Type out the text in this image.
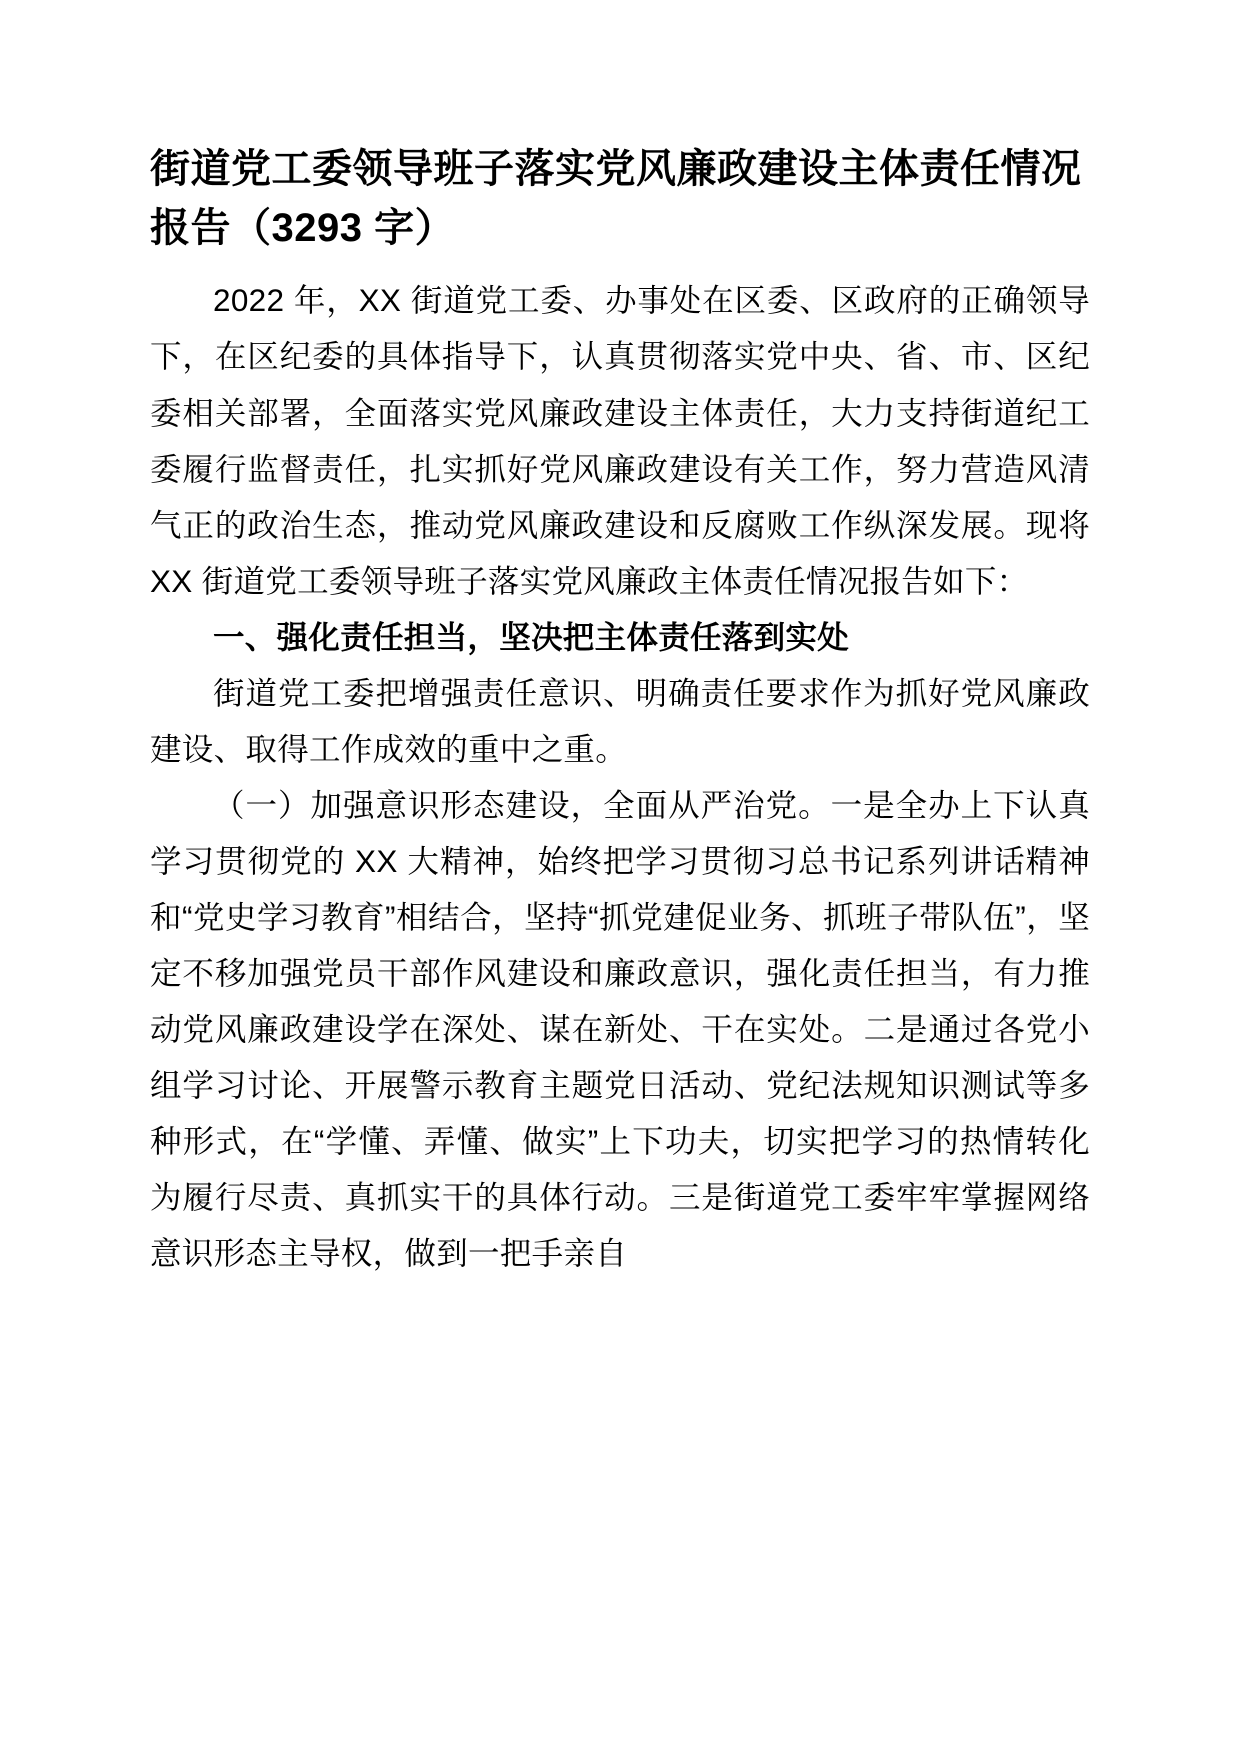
街道党工委领导班子落实党风廉政建设主体责任情况报告（3293 字）

2022 年，XX 街道党工委、办事处在区委、区政府的正确领导下，在区纪委的具体指导下，认真贯彻落实党中央、省、市、区纪委相关部署，全面落实党风廉政建设主体责任，大力支持街道纪工委履行监督责任，扎实抓好党风廉政建设有关工作，努力营造风清气正的政治生态，推动党风廉政建设和反腐败工作纵深发展。现将 XX 街道党工委领导班子落实党风廉政主体责任情况报告如下：

一、强化责任担当，坚决把主体责任落到实处

街道党工委把增强责任意识、明确责任要求作为抓好党风廉政建设、取得工作成效的重中之重。

（一）加强意识形态建设，全面从严治党。一是全办上下认真学习贯彻党的 XX 大精神，始终把学习贯彻习总书记系列讲话精神和“党史学习教育”相结合，坚持“抓党建促业务、抓班子带队伍”，坚定不移加强党员干部作风建设和廉政意识，强化责任担当，有力推动党风廉政建设学在深处、谋在新处、干在实处。二是通过各党小组学习讨论、开展警示教育主题党日活动、党纪法规知识测试等多种形式，在“学懂、弄懂、做实”上下功夫，切实把学习的热情转化为履行尽责、真抓实干的具体行动。三是街道党工委牢牢掌握网络意识形态主导权，做到一把手亲自
